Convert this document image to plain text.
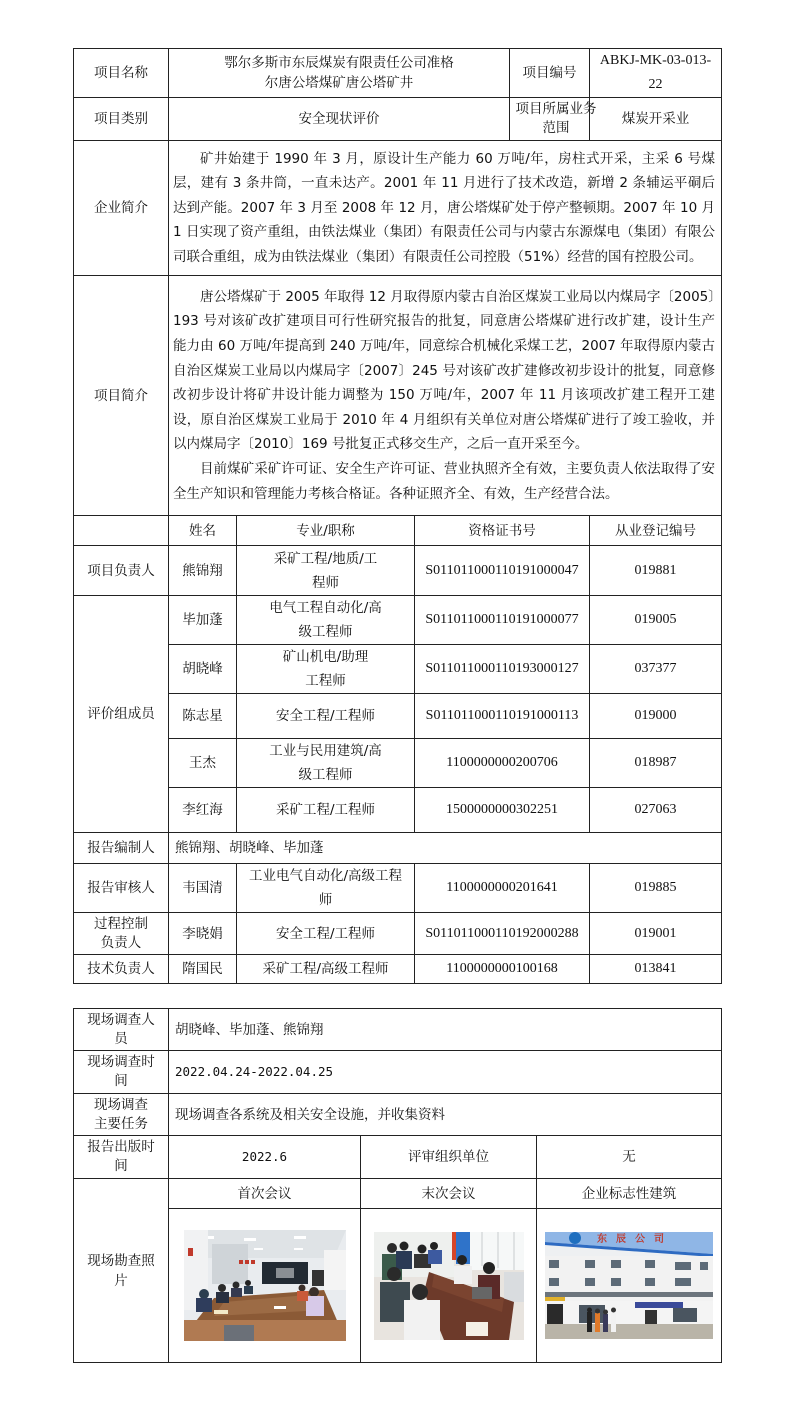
项目名称	鄂尔多斯市东辰煤炭有限责任公司准格尔唐公塔煤矿唐公塔矿井			项目编号	ABKJ-MK-03-013-22
项目类别	安全现状评价			项目所属业务范围	煤炭开采业
企业简介	矿井始建于 1990 年 3 月，原设计生产能力 60 万吨/年，房柱式开采，主采 6 号煤层，建有 3 条井筒，一直未达产。2001 年 11 月进行了技术改造，新增 2 条辅运平硐后达到产能。2007 年 3 月至 2008 年 12 月，唐公塔煤矿处于停产整顿期。2007 年 10 月 1 日实现了资产重组，由铁法煤业（集团）有限责任公司与内蒙古东源煤电（集团）有限公司联合重组，成为由铁法煤业（集团）有限责任公司控股（51%）经营的国有控股公司。				

项目简介	唐公塔煤矿于 2005 年取得 12 月取得原内蒙古自治区煤炭工业局以内煤局字〔2005〕193 号对该矿改扩建项目可行性研究报告的批复，同意唐公塔煤矿进行改扩建，设计生产能力由 60 万吨/年提高到 240 万吨/年，同意综合机械化采煤工艺，2007 年取得原内蒙古自治区煤炭工业局以内煤局字〔2007〕245 号对该矿改扩建修改初步设计的批复，同意修改初步设计将矿井设计能力调整为 150 万吨/年，2007 年 11 月该项改扩建工程开工建设，原自治区煤炭工业局于 2010 年 4 月组织有关单位对唐公塔煤矿进行了竣工验收，并以内煤局字〔2010〕169 号批复正式移交生产，之后一直开采至今。

目前煤矿采矿许可证、安全生产许可证、营业执照齐全有效，主要负责人依法取得了安全生产知识和管理能力考核合格证。各种证照齐全、有效，生产经营合法。				

	姓名	专业/职称	资格证书号		从业登记编号
项目负责人	熊锦翔	采矿工程/地质/工程师	S011011000110191000047		019881
评价组成员	毕加蓬	电气工程自动化/高级工程师	S011011000110191000077		019005
	胡晓峰	矿山机电/助理工程师	S011011000110193000127		037377
	陈志星	安全工程/工程师	S011011000110191000113		019000
	王杰	工业与民用建筑/高级工程师	1100000000200706		018987
	李红海	采矿工程/工程师	1500000000302251		027063
报告编制人	熊锦翔、胡晓峰、毕加蓬				
报告审核人	韦国清	工业电气自动化/高级工程师	1100000000201641		019885

过程控制负责人	李晓娟	安全工程/工程师	S011011000110192000288		019001
技术负责人	隋国民	采矿工程/高级工程师	1100000000100168		013841
现场调查人员	胡晓峰、毕加蓬、熊锦翔		

现场调查时间	2022.04.24-2022.04.25		

现场调查主要任务	现场调查各系统及相关安全设施，并收集资料		

报告出版时间	2022.6	评审组织单位	无

现场勘查照片	首次会议	末次会议	企业标志性建筑

东辰公司
